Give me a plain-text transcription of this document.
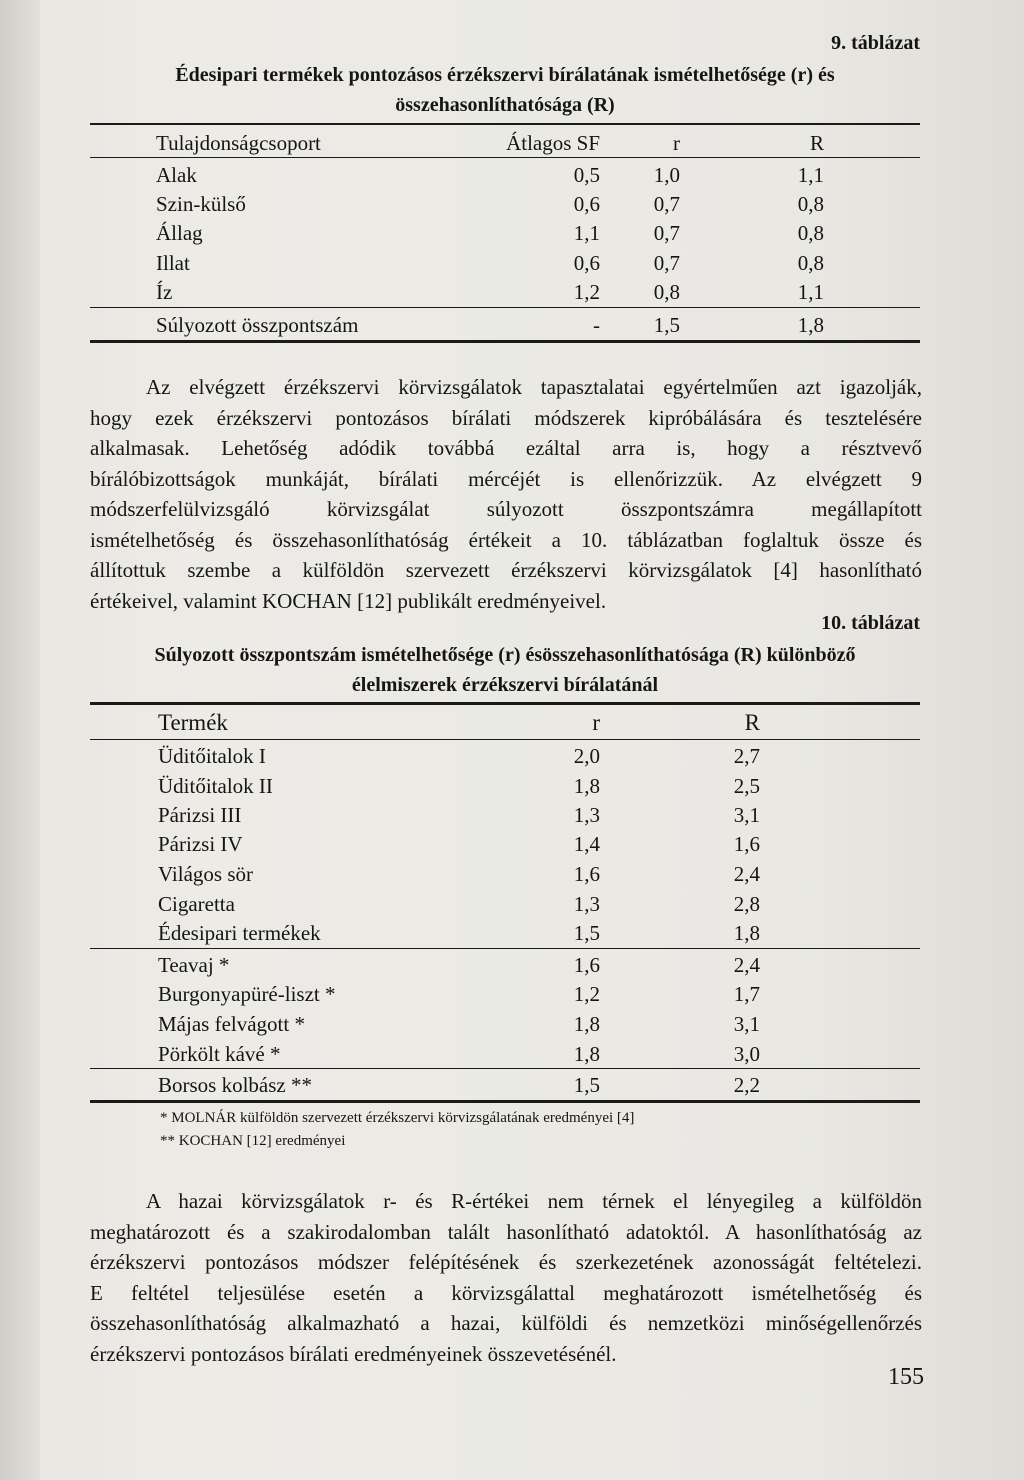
9. táblázat
Édesipari termékek pontozásos érzékszervi bírálatának ismételhetősége (r) és
összehasonlíthatósága (R)
Tulajdonságcsoport	Átlagos SF	r	R
Alak	0,5	1,0	1,1
Szin-külső	0,6	0,7	0,8
Állag	1,1	0,7	0,8
Illat	0,6	0,7	0,8
Íz	1,2	0,8	1,1
Súlyozott összpontszám	-	1,5	1,8
Az elvégzett érzékszervi körvizsgálatok tapasztalatai egyértelműen azt igazolják,
hogy ezek érzékszervi pontozásos bírálati módszerek kipróbálására és tesztelésére
alkalmasak. Lehetőség adódik továbbá ezáltal arra is, hogy a résztvevő
bírálóbizottságok munkáját, bírálati mércéjét is ellenőrizzük. Az elvégzett 9
módszerfelülvizsgáló körvizsgálat súlyozott összpontszámra megállapított
ismételhetőség és összehasonlíthatóság értékeit a 10. táblázatban foglaltuk össze és
állítottuk szembe a külföldön szervezett érzékszervi körvizsgálatok [4] hasonlítható
értékeivel, valamint KOCHAN [12] publikált eredményeivel.
10. táblázat
Súlyozott összpontszám ismételhetősége (r) ésösszehasonlíthatósága (R) különböző
élelmiszerek érzékszervi bírálatánál
Termék	r	R
Üditőitalok I	2,0	2,7
Üditőitalok II	1,8	2,5
Párizsi III	1,3	3,1
Párizsi IV	1,4	1,6
Világos sör	1,6	2,4
Cigaretta	1,3	2,8
Édesipari termékek	1,5	1,8
Teavaj *	1,6	2,4
Burgonyapüré-liszt *	1,2	1,7
Májas felvágott *	1,8	3,1
Pörkölt kávé *	1,8	3,0
Borsos kolbász **	1,5	2,2
* MOLNÁR külföldön szervezett érzékszervi körvizsgálatának eredményei [4]
** KOCHAN [12] eredményei
A hazai körvizsgálatok r- és R-értékei nem térnek el lényegileg a külföldön
meghatározott és a szakirodalomban talált hasonlítható adatoktól. A hasonlíthatóság az
érzékszervi pontozásos módszer felépítésének és szerkezetének azonosságát feltételezi.
E feltétel teljesülése esetén a körvizsgálattal meghatározott ismételhetőség és
összehasonlíthatóság alkalmazható a hazai, külföldi és nemzetközi minőségellenőrzés
érzékszervi pontozásos bírálati eredményeinek összevetésénél.
155
